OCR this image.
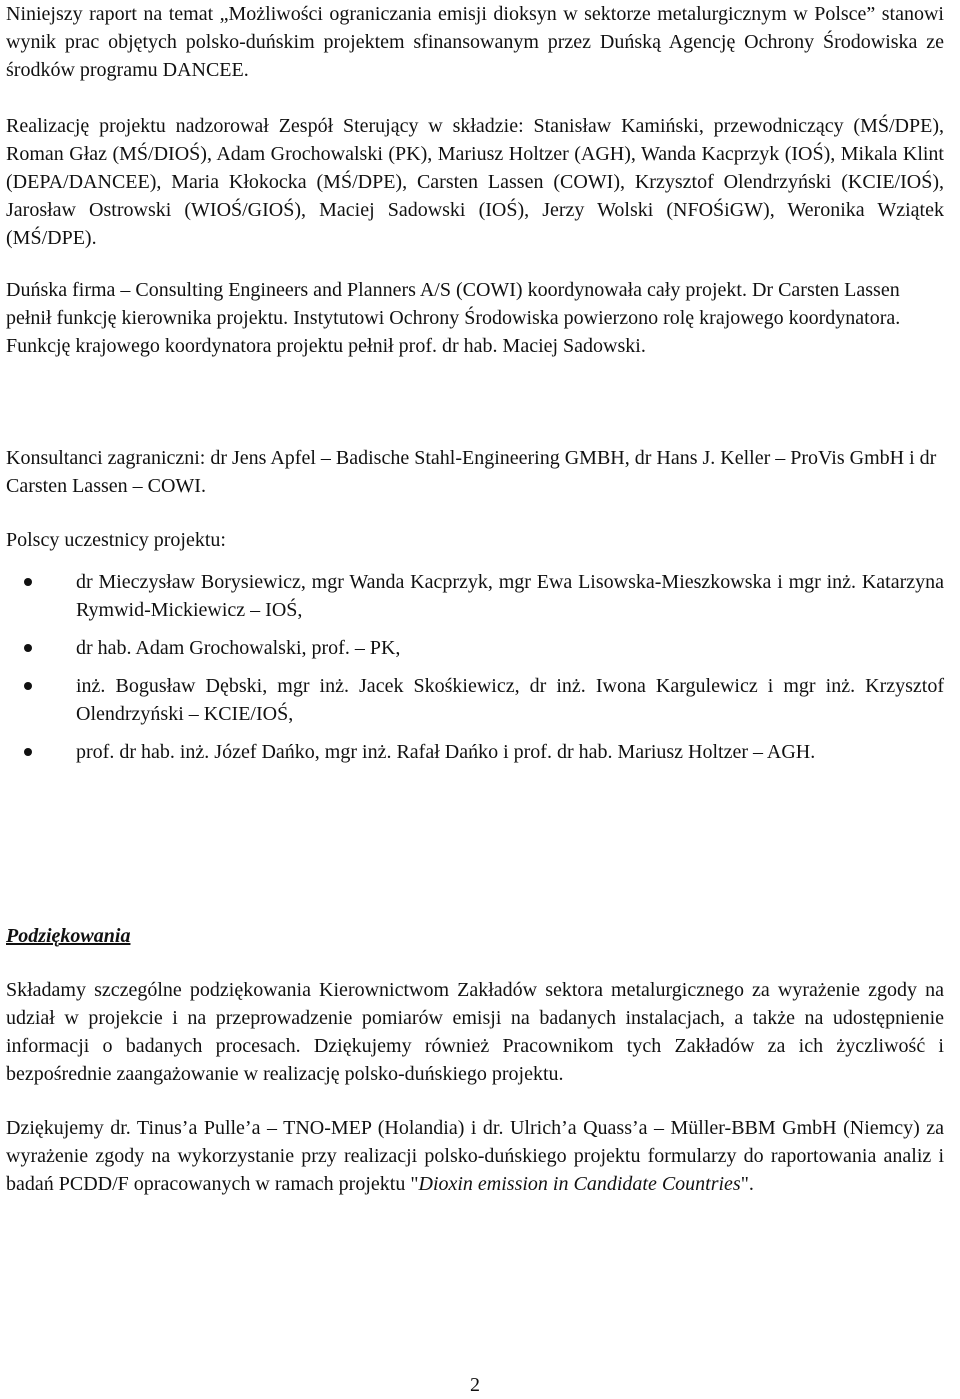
Niniejszy raport na temat „Możliwości ograniczania emisji dioksyn w sektorze metalurgicznym w Polsce” stanowi wynik prac objętych polsko-duńskim projektem sfinansowanym przez Duńską Agencję Ochrony Środowiska ze środków programu DANCEE.

Realizację projektu nadzorował Zespół Sterujący w składzie: Stanisław Kamiński, przewodniczący (MŚ/DPE), Roman Głaz (MŚ/DIOŚ), Adam Grochowalski (PK), Mariusz Holtzer (AGH), Wanda Kacprzyk (IOŚ), Mikala Klint (DEPA/DANCEE), Maria Kłokocka (MŚ/DPE), Carsten Lassen (COWI), Krzysztof Olendrzyński (KCIE/IOŚ), Jarosław Ostrowski (WIOŚ/GIOŚ), Maciej Sadowski (IOŚ), Jerzy Wolski (NFOŚiGW), Weronika Wziątek (MŚ/DPE).

Duńska firma – Consulting Engineers and Planners A/S (COWI) koordynowała cały projekt. Dr Carsten Lassen pełnił funkcję kierownika projektu. Instytutowi Ochrony Środowiska powierzono rolę krajowego koordynatora. Funkcję krajowego koordynatora projektu pełnił prof. dr hab. Maciej Sadowski.

Konsultanci zagraniczni: dr Jens Apfel – Badische Stahl-Engineering GMBH, dr Hans J. Keller – ProVis GmbH i dr Carsten Lassen – COWI.

Polscy uczestnicy projektu:

dr Mieczysław Borysiewicz, mgr Wanda Kacprzyk, mgr Ewa Lisowska-Mieszkowska i mgr inż. Katarzyna Rymwid-Mickiewicz – IOŚ,
dr hab. Adam Grochowalski, prof. – PK,
inż. Bogusław Dębski, mgr inż. Jacek Skośkiewicz, dr inż. Iwona Kargulewicz i mgr inż. Krzysztof Olendrzyński – KCIE/IOŚ,
prof. dr hab. inż. Józef Dańko, mgr inż. Rafał Dańko i prof. dr hab. Mariusz Holtzer – AGH.

Podziękowania

Składamy szczególne podziękowania Kierownictwom Zakładów sektora metalurgicznego za wyrażenie zgody na udział w projekcie i na przeprowadzenie pomiarów emisji na badanych instalacjach, a także na udostępnienie informacji o badanych procesach. Dziękujemy również Pracownikom tych Zakładów za ich życzliwość i bezpośrednie zaangażowanie w realizację polsko-duńskiego projektu.

Dziękujemy dr. Tinus’a Pulle’a – TNO-MEP (Holandia) i dr. Ulrich’a Quass’a – Müller-BBM GmbH (Niemcy) za wyrażenie zgody na wykorzystanie przy realizacji polsko-duńskiego projektu formularzy do raportowania analiz i badań PCDD/F opracowanych w ramach projektu "Dioxin emission in Candidate Countries".

2
